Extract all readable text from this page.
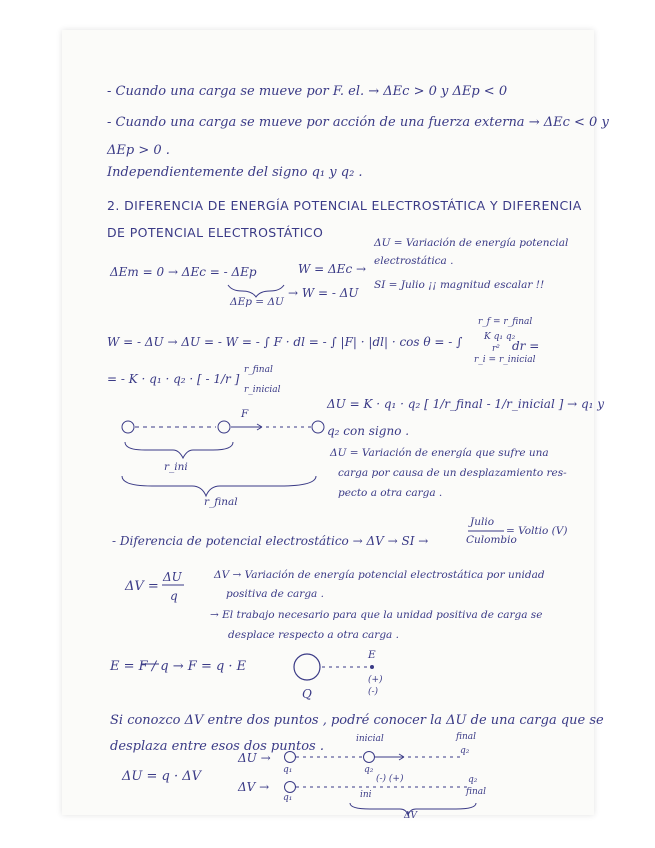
- Cuando una carga se mueve por F. el. → ΔEc > 0 y ΔEp < 0
- Cuando una carga se mueve por acción de una fuerza externa → ΔEc < 0 y
ΔEp > 0 .
Independientemente del signo q₁ y q₂ .
2. DIFERENCIA DE ENERGÍA POTENCIAL ELECTROSTÁTICA Y DIFERENCIA
DE POTENCIAL ELECTROSTÁTICO
ΔU = Variación de energía potencial
electrostática .
SI = Julio ¡¡ magnitud escalar !!
ΔEm = 0 → ΔEc = - ΔEp	W = ΔEc →
ΔEp = ΔU
→ W = - ΔU
W = - ΔU → ΔU = - W = - ∫ F · dl = - ∫ |F| · |dl| · cos θ = - ∫
r_f = r_final
K q₁ q₂
r²
r_i = r_inicial
dr =
= - K · q₁ · q₂ · [ - 1/r ]
r_final
r_inicial
ΔU = K · q₁ · q₂ [ 1/r_final - 1/r_inicial ] → q₁ y
q₂ con signo .
ΔU = Variación de energía que sufre una
carga por causa de un desplazamiento res-
pecto a otra carga .
F
r_ini
r_final
- Diferencia de potencial electrostático → ΔV → SI →
Julio
Culombio
= Voltio (V)
ΔV =
ΔU
q
ΔV → Variación de energía potencial electrostática por unidad
positiva de carga .
→ El trabajo necesario para que la unidad positiva de carga se
desplace respecto a otra carga .
E = F / q → F = q · E
Q
E
(+)
(-)
Si conozco ΔV entre dos puntos , podré conocer la ΔU de una carga que se
desplaza entre esos dos puntos .
ΔU = q · ΔV
ΔU →
ΔV →
q₁	q₂
inicial	final
q₂
q₁
(-) (+)
ini
q₂
final
ΔV
